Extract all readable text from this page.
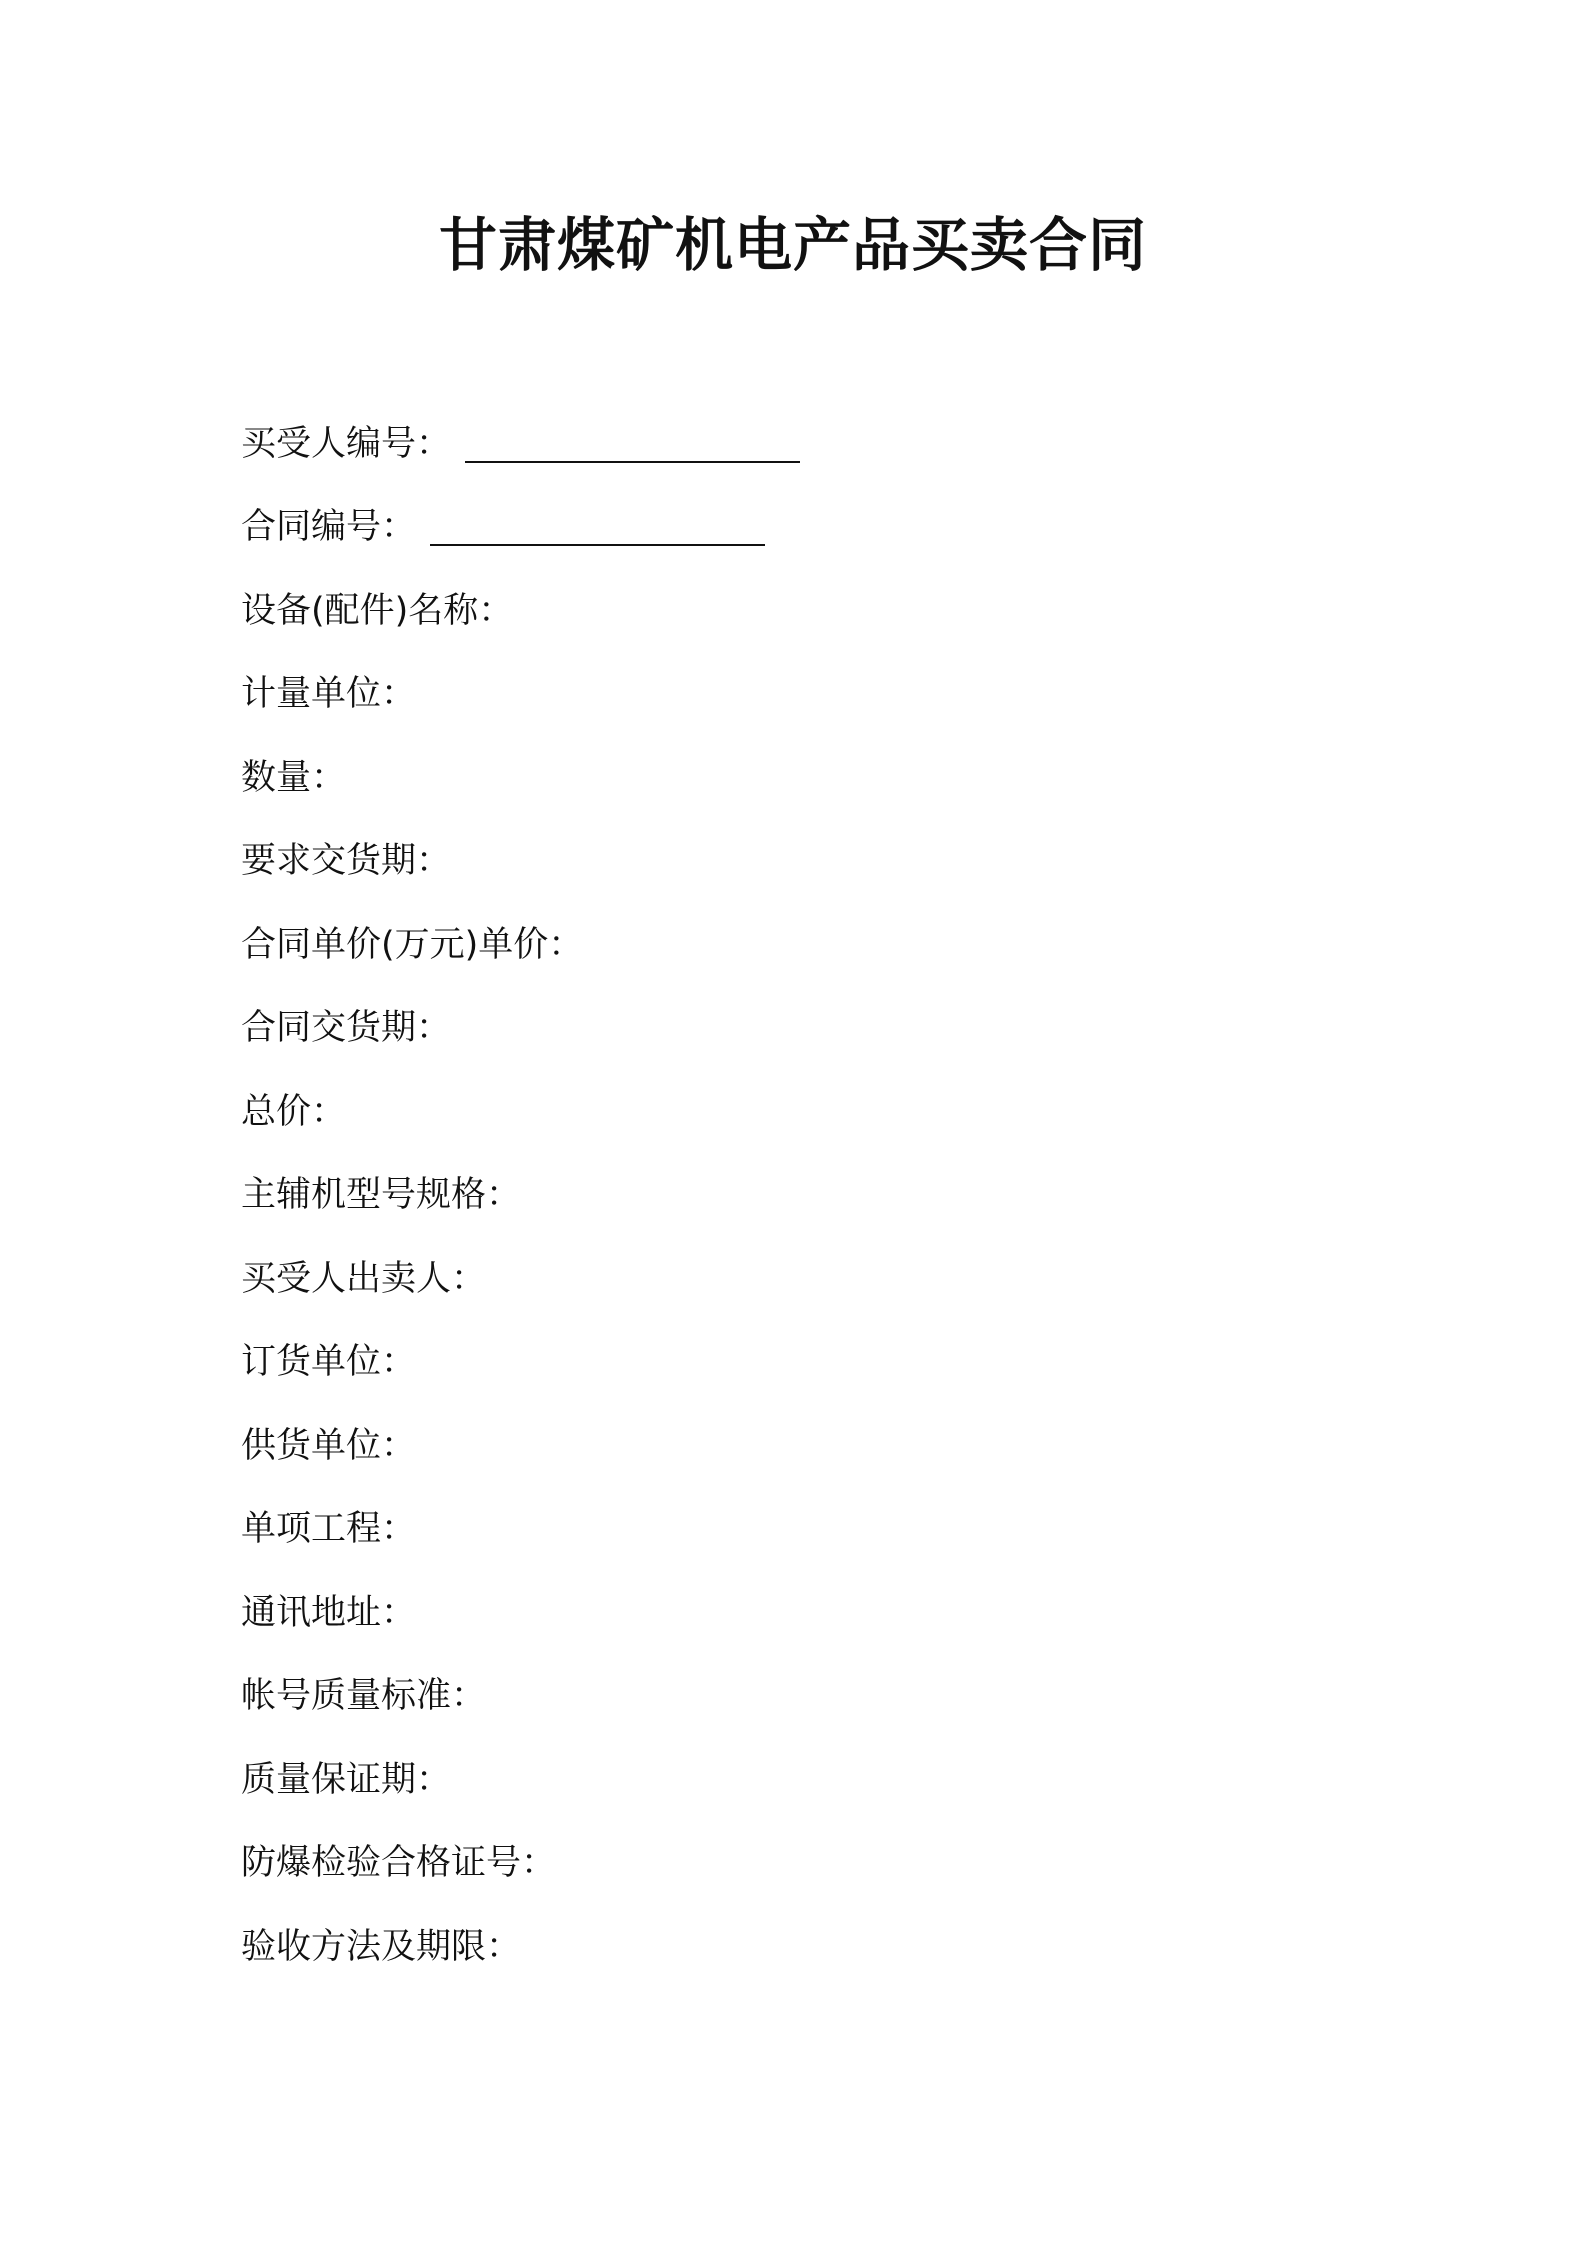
甘肃煤矿机电产品买卖合同
买受人编号：
合同编号：
设备(配件)名称：
计量单位：
数量：
要求交货期：
合同单价(万元)单价：
合同交货期：
总价：
主辅机型号规格：
买受人出卖人：
订货单位：
供货单位：
单项工程：
通讯地址：
帐号质量标准：
质量保证期：
防爆检验合格证号：
验收方法及期限：
